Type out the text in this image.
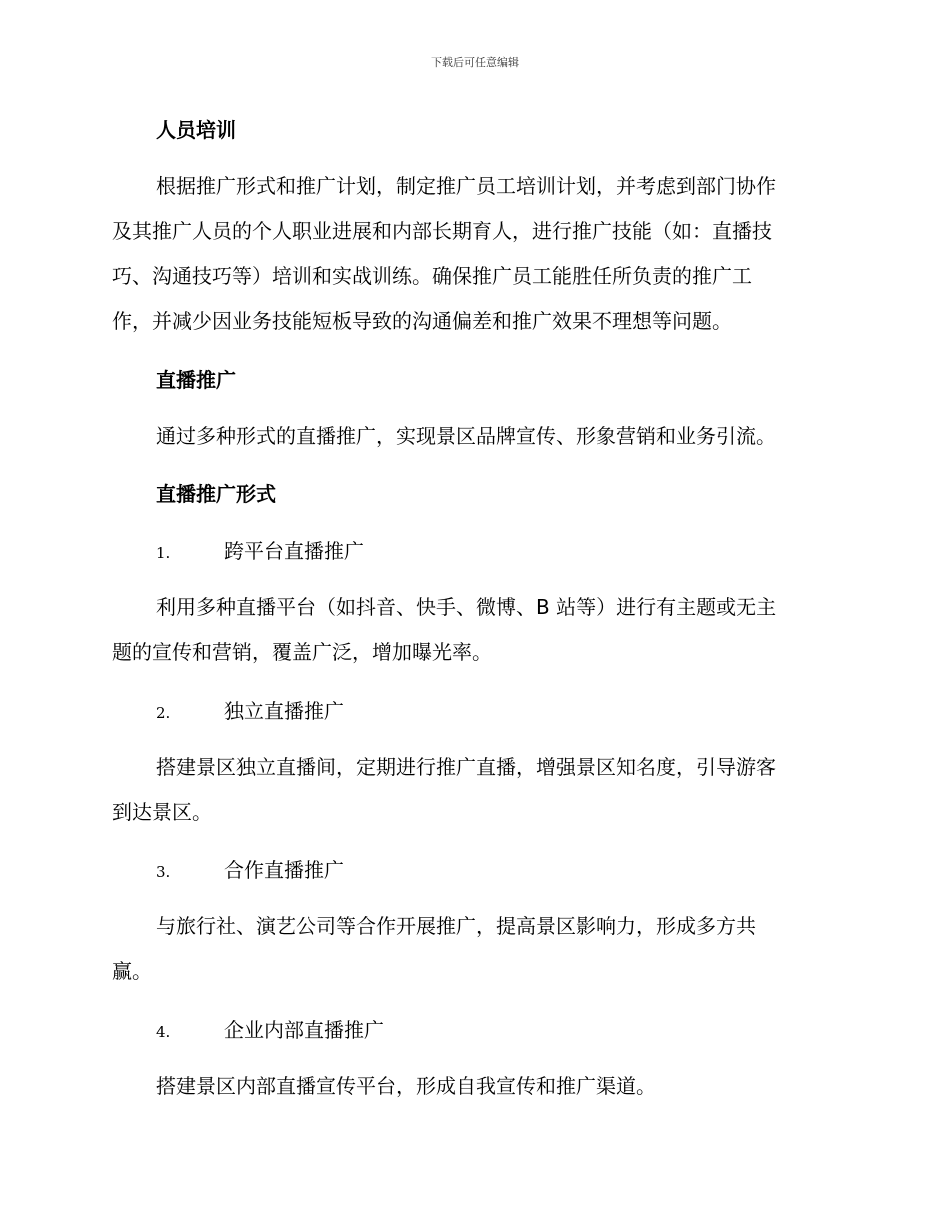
下载后可任意编辑
人员培训
根据推广形式和推广计划，制定推广员工培训计划，并考虑到部门协作
及其推广人员的个人职业进展和内部长期育人，进行推广技能（如：直播技
巧、沟通技巧等）培训和实战训练。确保推广员工能胜任所负责的推广工
作，并减少因业务技能短板导致的沟通偏差和推广效果不理想等问题。
直播推广
通过多种形式的直播推广，实现景区品牌宣传、形象营销和业务引流。
直播推广形式
1.	跨平台直播推广
利用多种直播平台（如抖音、快手、微博、B 站等）进行有主题或无主
题的宣传和营销，覆盖广泛，增加曝光率。
2.	独立直播推广
搭建景区独立直播间，定期进行推广直播，增强景区知名度，引导游客
到达景区。
3.	合作直播推广
与旅行社、演艺公司等合作开展推广，提高景区影响力，形成多方共
赢。
4.	企业内部直播推广
搭建景区内部直播宣传平台，形成自我宣传和推广渠道。
